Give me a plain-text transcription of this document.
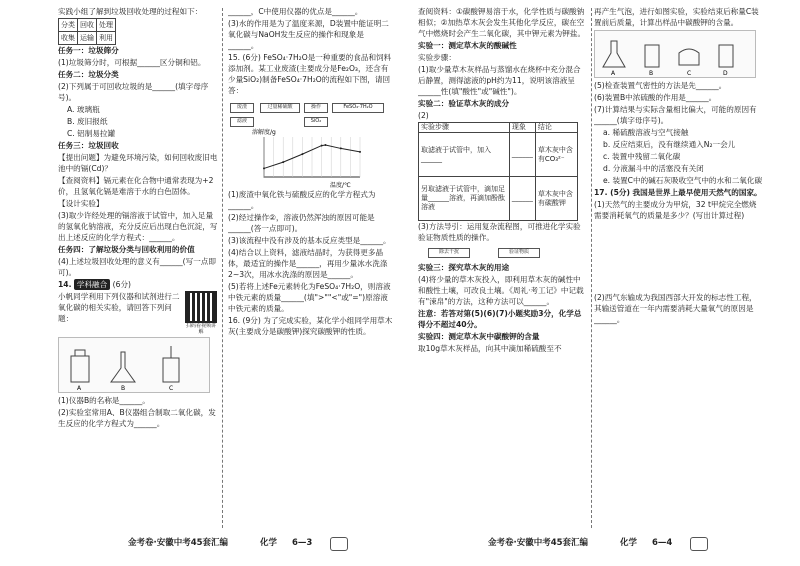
实践小组了解到垃圾回收处理的过程如下：
分类	回收	处理
收集	运输	利用
任务一：垃圾筛分
(1)垃圾筛分时，可根据______区分铜和铝。
任务二：垃圾分类
(2)下列属于可回收垃圾的是______(填字母序号)。
A. 玻璃瓶
B. 废旧报纸
C. 铝制易拉罐
任务三：垃圾回收
【提出问题】为避免环境污染，如何回收废旧电池中的镉(Cd)？
【查阅资料】镉元素在化合物中通常表现为+2价，且氢氧化镉是难溶于水的白色固体。
【设计实验】
(3)取少许经处理的镉溶液于试管中，加入足量的氢氧化钠溶液，充分反应后出现白色沉淀，写出上述反应的化学方程式：______。
任务四：了解垃圾分类与回收利用的价值
(4)上述垃圾回收处理的意义有______(写一点即可)。
14. 学科融合 (6分)
小帆同学利用下列仪器和试剂进行二氧化碳的相关实验，请回答下列问题：
扫码看视频讲解
A	B	C
(1)仪器B的名称是______。
(2)实验室常用A、B仪器组合制取二氧化碳，发生反应的化学方程式为______。
______，C中使用仪器的优点是______。
(3)水的作用是为了温度来源，D装置中能证明二氧化碳与NaOH发生反应的操作和现象是______。
15. (6分) FeSO₄·7H₂O是一种重要的食品和饲料添加剂。某工业废渣(主要成分是Fe₂O₃，还含有少量SiO₂)制备FeSO₄·7H₂O的流程如下图，请回答：
废渣	过量稀硫酸	操作	FeSO₄·7H₂O
SiO₂
滤液
溶解度/g
温度/℃
(1)废渣中氧化铁与硫酸反应的化学方程式为______。
(2)经过操作②，溶液仍然浑浊的原因可能是______(答一点即可)。
(3)该流程中没有涉及的基本反应类型是______。
(4)结合以上资料，滤液结晶时，为获得更多晶体，最适宜的操作是______，再用少量冰水洗涤2~3次，用冰水洗涤的原因是______。
(5)若将上述Fe元素转化为FeSO₄·7H₂O，则溶液中铁元素的质量______(填">""<"或"=")原溶液中铁元素的质量。
16. (9分) 为了完成实验，某化学小组同学用草木灰(主要成分是碳酸钾)探究碳酸钾的性质。
查阅资料：①碳酸钾易溶于水，化学性质与碳酸钠相似；②加热草木灰会发生其他化学反应，碳在空气中燃烧时会产生二氧化碳，其中钾元素为钾盐。
实验一：测定草木灰的酸碱性
实验步骤：
(1)取少量草木灰样品与蒸馏水在烧杯中充分混合后静置，测得滤液的pH约为11，说明该溶液呈______性(填"酸性"或"碱性")。
实验二：验证草木灰的成分
(2)
实验步骤	现象	结论
取滤液于试管中，加入______	______	草木灰中含有CO₃²⁻
另取滤液于试管中，滴加足量______溶液，再滴加酚酞溶液	______	草木灰中含有碳酸钾
(3)方法导引：运用复杂流程图，可推进化学实验验证物质性质的操作。
除去干扰	验证物质
实验三：探究草木灰的用途
(4)将少量的草木灰投入，即利用草木灰的碱性中和酸性土壤，可改良土壤。《周礼·考工记》中记载有"涑帛"的方法，这种方法可以______。
注意：若答对第(5)(6)(7)小题奖励3分，化学总得分不超过40分。
实验四：测定草木灰中碳酸钾的含量
取10g草木灰样品，向其中滴加稀硫酸至不
再产生气泡，进行如图实验，实验结束后称量C装置前后质量，计算出样品中碳酸钾的含量。
A	B	C	D
(5)检查装置气密性的方法是先______。
(6)装置B中浓硫酸的作用是______。
(7)计算结果与实际含量相比偏大，可能的原因有______(填字母序号)。
a. 稀硫酸溶液与空气接触
b. 反应结束后，没有继续通入N₂一会儿
c. 装置中残留二氧化碳
d. 分液漏斗中的活塞没有关闭
e. 装置C中的碱石灰吸收空气中的水和二氧化碳
17. (5分) 我国是世界上最早使用天然气的国家。
(1)天然气的主要成分为甲烷，32 t甲烷完全燃烧需要消耗氧气的质量是多少？(写出计算过程)
(2)西气东输成为我国西部大开发的标志性工程，其输送管道在一年内需要消耗大量氧气的原因是______。
金考卷·安徽中考45套汇编	化学 6—3	金考卷·安徽中考45套汇编	化学 6—4
